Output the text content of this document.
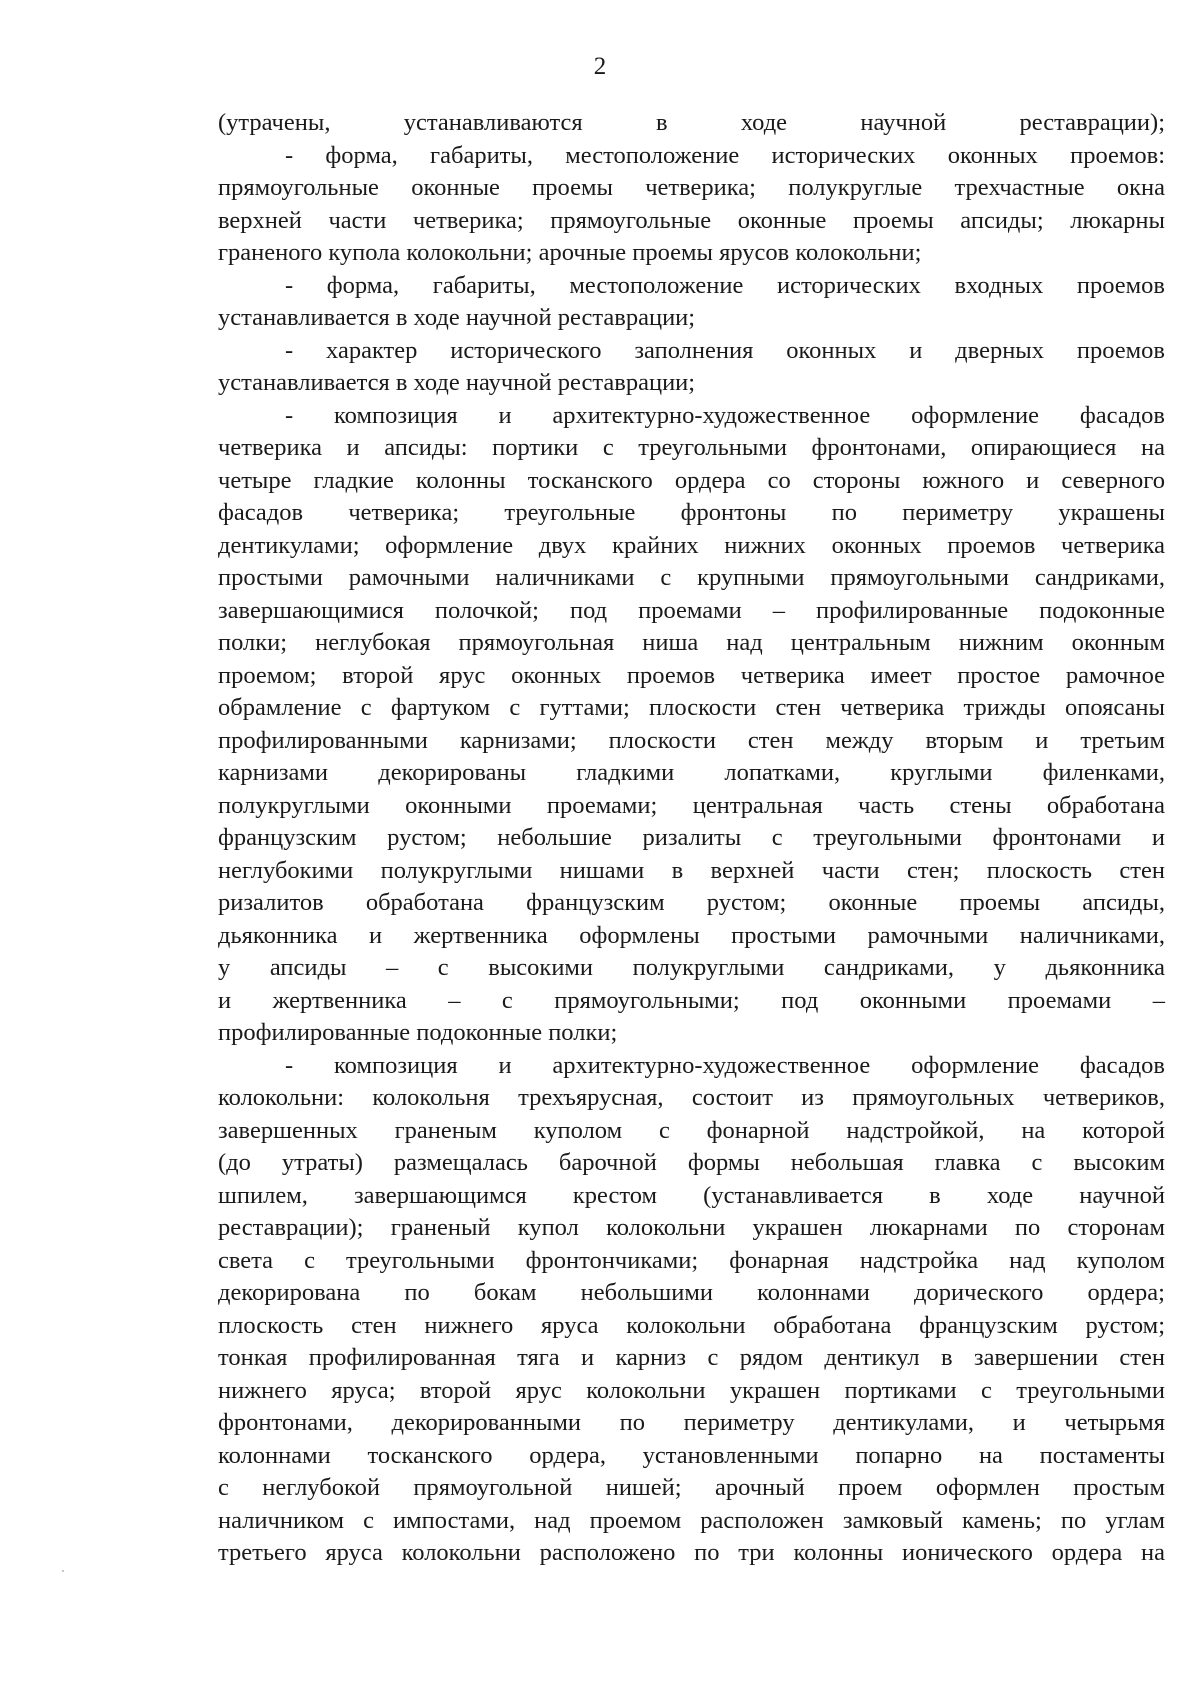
2
(утрачены, устанавливаются в ходе научной реставрации);
- форма, габариты, местоположение исторических оконных проемов:
прямоугольные оконные проемы четверика; полукруглые трехчастные окна
верхней части четверика; прямоугольные оконные проемы апсиды; люкарны
граненого купола колокольни; арочные проемы ярусов колокольни;
- форма, габариты, местоположение исторических входных проемов
устанавливается в ходе научной реставрации;
- характер исторического заполнения оконных и дверных проемов
устанавливается в ходе научной реставрации;
- композиция и архитектурно-художественное оформление фасадов
четверика и апсиды: портики с треугольными фронтонами, опирающиеся на
четыре гладкие колонны тосканского ордера со стороны южного и северного
фасадов четверика; треугольные фронтоны по периметру украшены
дентикулами; оформление двух крайних нижних оконных проемов четверика
простыми рамочными наличниками с крупными прямоугольными сандриками,
завершающимися полочкой; под проемами – профилированные подоконные
полки; неглубокая прямоугольная ниша над центральным нижним оконным
проемом; второй ярус оконных проемов четверика имеет простое рамочное
обрамление с фартуком с гуттами; плоскости стен четверика трижды опоясаны
профилированными карнизами; плоскости стен между вторым и третьим
карнизами декорированы гладкими лопатками, круглыми филенками,
полукруглыми оконными проемами; центральная часть стены обработана
французским рустом; небольшие ризалиты с треугольными фронтонами и
неглубокими полукруглыми нишами в верхней части стен; плоскость стен
ризалитов обработана французским рустом; оконные проемы апсиды,
дьяконника и жертвенника оформлены простыми рамочными наличниками,
у апсиды – с высокими полукруглыми сандриками, у дьяконника
и жертвенника – с прямоугольными; под оконными проемами –
профилированные подоконные полки;
- композиция и архитектурно-художественное оформление фасадов
колокольни: колокольня трехъярусная, состоит из прямоугольных четвериков,
завершенных граненым куполом с фонарной надстройкой, на которой
(до утраты) размещалась барочной формы небольшая главка с высоким
шпилем, завершающимся крестом (устанавливается в ходе научной
реставрации); граненый купол колокольни украшен люкарнами по сторонам
света с треугольными фронтончиками; фонарная надстройка над куполом
декорирована по бокам небольшими колоннами дорического ордера;
плоскость стен нижнего яруса колокольни обработана французским рустом;
тонкая профилированная тяга и карниз с рядом дентикул в завершении стен
нижнего яруса; второй ярус колокольни украшен портиками с треугольными
фронтонами, декорированными по периметру дентикулами, и четырьмя
колоннами тосканского ордера, установленными попарно на постаменты
с неглубокой прямоугольной нишей; арочный проем оформлен простым
наличником с импостами, над проемом расположен замковый камень; по углам
третьего яруса колокольни расположено по три колонны ионического ордера на
